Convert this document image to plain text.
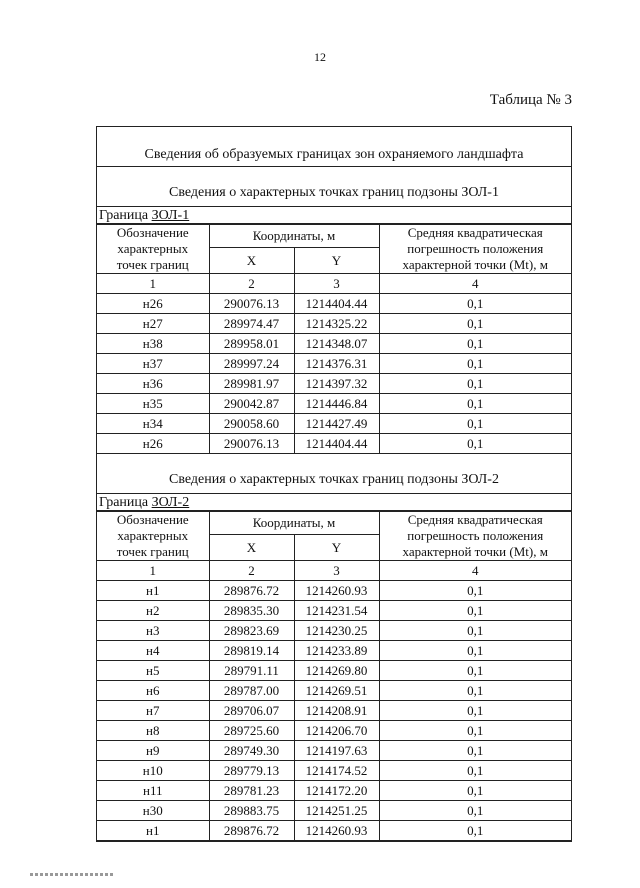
12
Таблица № 3
Сведения об образуемых границах зон охраняемого ландшафта
Сведения о характерных точках границ подзоны ЗОЛ-1
Граница ЗОЛ-1
Обозначение
характерных
точек границ	Координаты, м		Средняя квадратическая
погрешность положения
характерной точки (Mt), м
	X	Y	
1	2	3	4
н26	290076.13	1214404.44	0,1
н27	289974.47	1214325.22	0,1
н38	289958.01	1214348.07	0,1
н37	289997.24	1214376.31	0,1
н36	289981.97	1214397.32	0,1
н35	290042.87	1214446.84	0,1
н34	290058.60	1214427.49	0,1
н26	290076.13	1214404.44	0,1
Сведения о характерных точках границ подзоны ЗОЛ-2
Граница ЗОЛ-2
Обозначение
характерных
точек границ	Координаты, м		Средняя квадратическая
погрешность положения
характерной точки (Mt), м
	X	Y	
1	2	3	4
н1	289876.72	1214260.93	0,1
н2	289835.30	1214231.54	0,1
н3	289823.69	1214230.25	0,1
н4	289819.14	1214233.89	0,1
н5	289791.11	1214269.80	0,1
н6	289787.00	1214269.51	0,1
н7	289706.07	1214208.91	0,1
н8	289725.60	1214206.70	0,1
н9	289749.30	1214197.63	0,1
н10	289779.13	1214174.52	0,1
н11	289781.23	1214172.20	0,1
н30	289883.75	1214251.25	0,1
н1	289876.72	1214260.93	0,1
